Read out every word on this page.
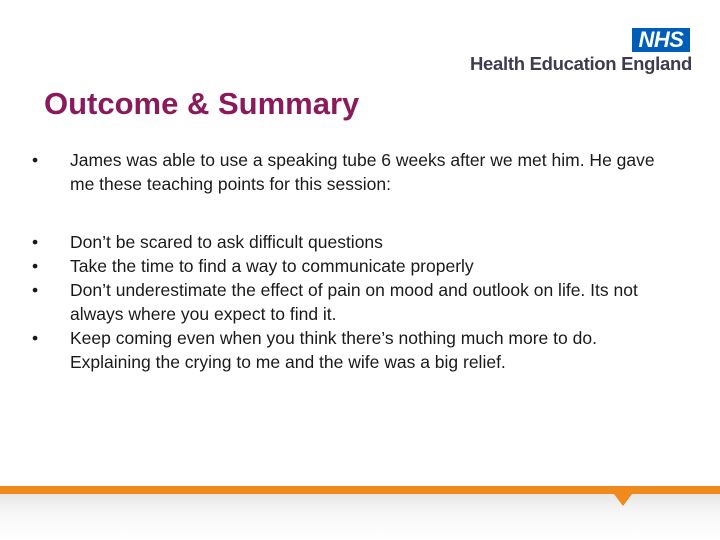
NHS
Health Education England
Outcome & Summary
•	James was able to use a speaking tube 6 weeks after we met him. He gave me these teaching points for this session:
•	Don’t be scared to ask difficult questions
•	Take the time to find a way to communicate properly
•	Don’t underestimate the effect of pain on mood and outlook on life. Its not always where you expect to find it.
•	Keep coming even when you think there’s nothing much more to do. Explaining the crying to me and the wife was a big relief.
